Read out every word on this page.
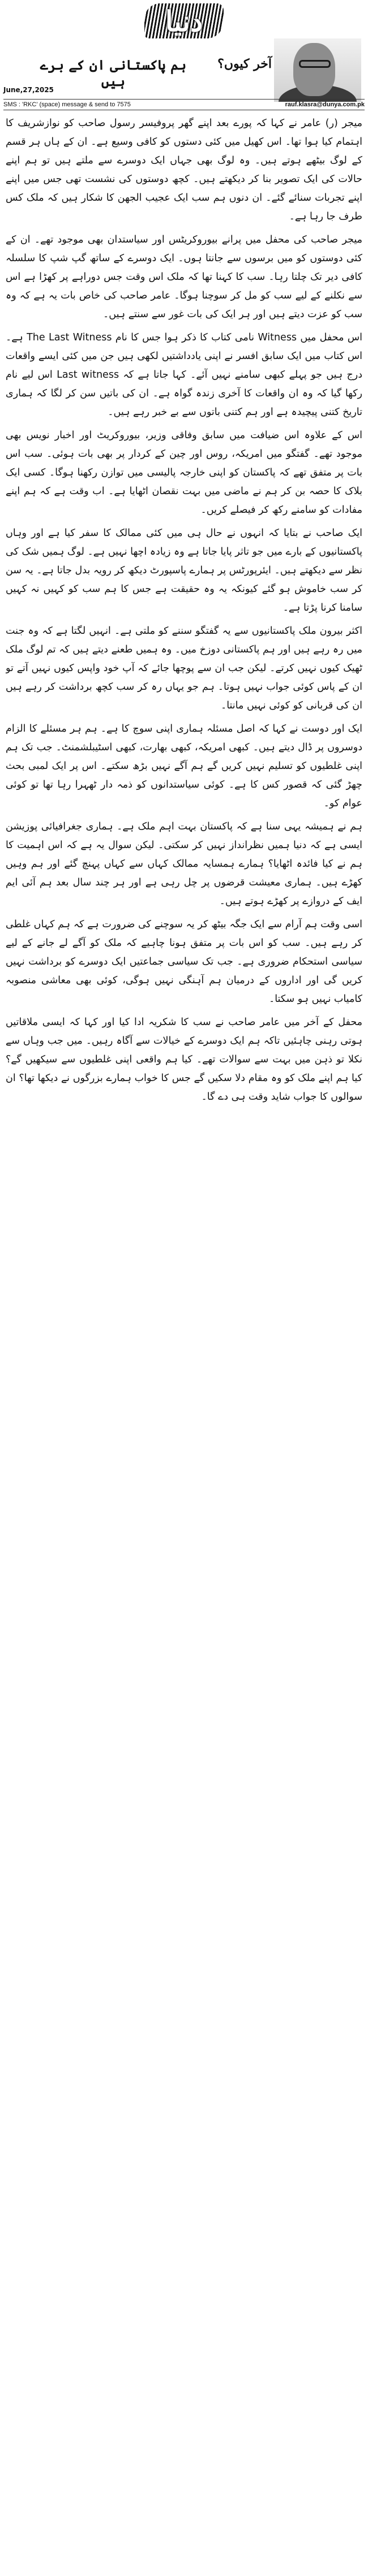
دنیا
آخر کیوں؟
ہم پاکستانی ان کے برے ہیں
June,27,2025
SMS : 'RKC' (space) message & send to 7575	rauf.klasra@dunya.com.pk

میجر (ر) عامر نے کہا کہ پورے بعد اپنے گھر پروفیسر رسول صاحب کو نوازشریف کا اہتمام کیا ہوا تھا۔ اس کھیل میں کئی دستوں کو کافی وسیع ہے۔ ان کے ہاں ہر قسم کے لوگ بیٹھے ہوتے ہیں۔ وہ لوگ بھی جہاں ایک دوسرے سے ملتے ہیں تو ہم اپنے حالات کی ایک تصویر بنا کر دیکھتے ہیں۔ کچھ دوستوں کی نشست تھی جس میں اپنے اپنے تجربات سنائے گئے۔ ان دنوں ہم سب ایک عجیب الجھن کا شکار ہیں کہ ملک کس طرف جا رہا ہے۔

میجر صاحب کی محفل میں پرانے بیوروکریٹس اور سیاستدان بھی موجود تھے۔ ان کے کئی دوستوں کو میں برسوں سے جانتا ہوں۔ ایک دوسرے کے ساتھ گپ شپ کا سلسلہ کافی دیر تک چلتا رہا۔ سب کا کہنا تھا کہ ملک اس وقت جس دوراہے پر کھڑا ہے اس سے نکلنے کے لیے سب کو مل کر سوچنا ہوگا۔ عامر صاحب کی خاص بات یہ ہے کہ وہ سب کو عزت دیتے ہیں اور ہر ایک کی بات غور سے سنتے ہیں۔

اس محفل میں Witness نامی کتاب کا ذکر ہوا جس کا نام The Last Witness ہے۔ اس کتاب میں ایک سابق افسر نے اپنی یادداشتیں لکھی ہیں جن میں کئی ایسے واقعات درج ہیں جو پہلے کبھی سامنے نہیں آئے۔ کہا جاتا ہے کہ Last witness اس لیے نام رکھا گیا کہ وہ ان واقعات کا آخری زندہ گواہ ہے۔ ان کی باتیں سن کر لگا کہ ہماری تاریخ کتنی پیچیدہ ہے اور ہم کتنی باتوں سے بے خبر رہے ہیں۔

اس کے علاوہ اس ضیافت میں سابق وفاقی وزیر، بیوروکریٹ اور اخبار نویس بھی موجود تھے۔ گفتگو میں امریکہ، روس اور چین کے کردار پر بھی بات ہوئی۔ سب اس بات پر متفق تھے کہ پاکستان کو اپنی خارجہ پالیسی میں توازن رکھنا ہوگا۔ کسی ایک بلاک کا حصہ بن کر ہم نے ماضی میں بہت نقصان اٹھایا ہے۔ اب وقت ہے کہ ہم اپنے مفادات کو سامنے رکھ کر فیصلے کریں۔

ایک صاحب نے بتایا کہ انہوں نے حال ہی میں کئی ممالک کا سفر کیا ہے اور وہاں پاکستانیوں کے بارے میں جو تاثر پایا جاتا ہے وہ زیادہ اچھا نہیں ہے۔ لوگ ہمیں شک کی نظر سے دیکھتے ہیں۔ ایئرپورٹس پر ہمارے پاسپورٹ دیکھ کر رویہ بدل جاتا ہے۔ یہ سن کر سب خاموش ہو گئے کیونکہ یہ وہ حقیقت ہے جس کا ہم سب کو کہیں نہ کہیں سامنا کرنا پڑتا ہے۔

اکثر بیرون ملک پاکستانیوں سے یہ گفتگو سننے کو ملتی ہے۔ انہیں لگتا ہے کہ وہ جنت میں رہ رہے ہیں اور ہم پاکستانی دوزخ میں۔ وہ ہمیں طعنے دیتے ہیں کہ تم لوگ ملک ٹھیک کیوں نہیں کرتے۔ لیکن جب ان سے پوچھا جائے کہ آپ خود واپس کیوں نہیں آتے تو ان کے پاس کوئی جواب نہیں ہوتا۔ ہم جو یہاں رہ کر سب کچھ برداشت کر رہے ہیں ان کی قربانی کو کوئی نہیں مانتا۔

ایک اور دوست نے کہا کہ اصل مسئلہ ہماری اپنی سوچ کا ہے۔ ہم ہر مسئلے کا الزام دوسروں پر ڈال دیتے ہیں۔ کبھی امریکہ، کبھی بھارت، کبھی اسٹیبلشمنٹ۔ جب تک ہم اپنی غلطیوں کو تسلیم نہیں کریں گے ہم آگے نہیں بڑھ سکتے۔ اس پر ایک لمبی بحث چھڑ گئی کہ قصور کس کا ہے۔ کوئی سیاستدانوں کو ذمہ دار ٹھہرا رہا تھا تو کوئی عوام کو۔

ہم نے ہمیشہ یہی سنا ہے کہ پاکستان بہت اہم ملک ہے۔ ہماری جغرافیائی پوزیشن ایسی ہے کہ دنیا ہمیں نظرانداز نہیں کر سکتی۔ لیکن سوال یہ ہے کہ اس اہمیت کا ہم نے کیا فائدہ اٹھایا؟ ہمارے ہمسایہ ممالک کہاں سے کہاں پہنچ گئے اور ہم وہیں کھڑے ہیں۔ ہماری معیشت قرضوں پر چل رہی ہے اور ہر چند سال بعد ہم آئی ایم ایف کے دروازے پر کھڑے ہوتے ہیں۔

اسی وقت ہم آرام سے ایک جگہ بیٹھ کر یہ سوچنے کی ضرورت ہے کہ ہم کہاں غلطی کر رہے ہیں۔ سب کو اس بات پر متفق ہونا چاہیے کہ ملک کو آگے لے جانے کے لیے سیاسی استحکام ضروری ہے۔ جب تک سیاسی جماعتیں ایک دوسرے کو برداشت نہیں کریں گی اور اداروں کے درمیان ہم آہنگی نہیں ہوگی، کوئی بھی معاشی منصوبہ کامیاب نہیں ہو سکتا۔

محفل کے آخر میں عامر صاحب نے سب کا شکریہ ادا کیا اور کہا کہ ایسی ملاقاتیں ہوتی رہنی چاہئیں تاکہ ہم ایک دوسرے کے خیالات سے آگاہ رہیں۔ میں جب وہاں سے نکلا تو ذہن میں بہت سے سوالات تھے۔ کیا ہم واقعی اپنی غلطیوں سے سیکھیں گے؟ کیا ہم اپنے ملک کو وہ مقام دلا سکیں گے جس کا خواب ہمارے بزرگوں نے دیکھا تھا؟ ان سوالوں کا جواب شاید وقت ہی دے گا۔
